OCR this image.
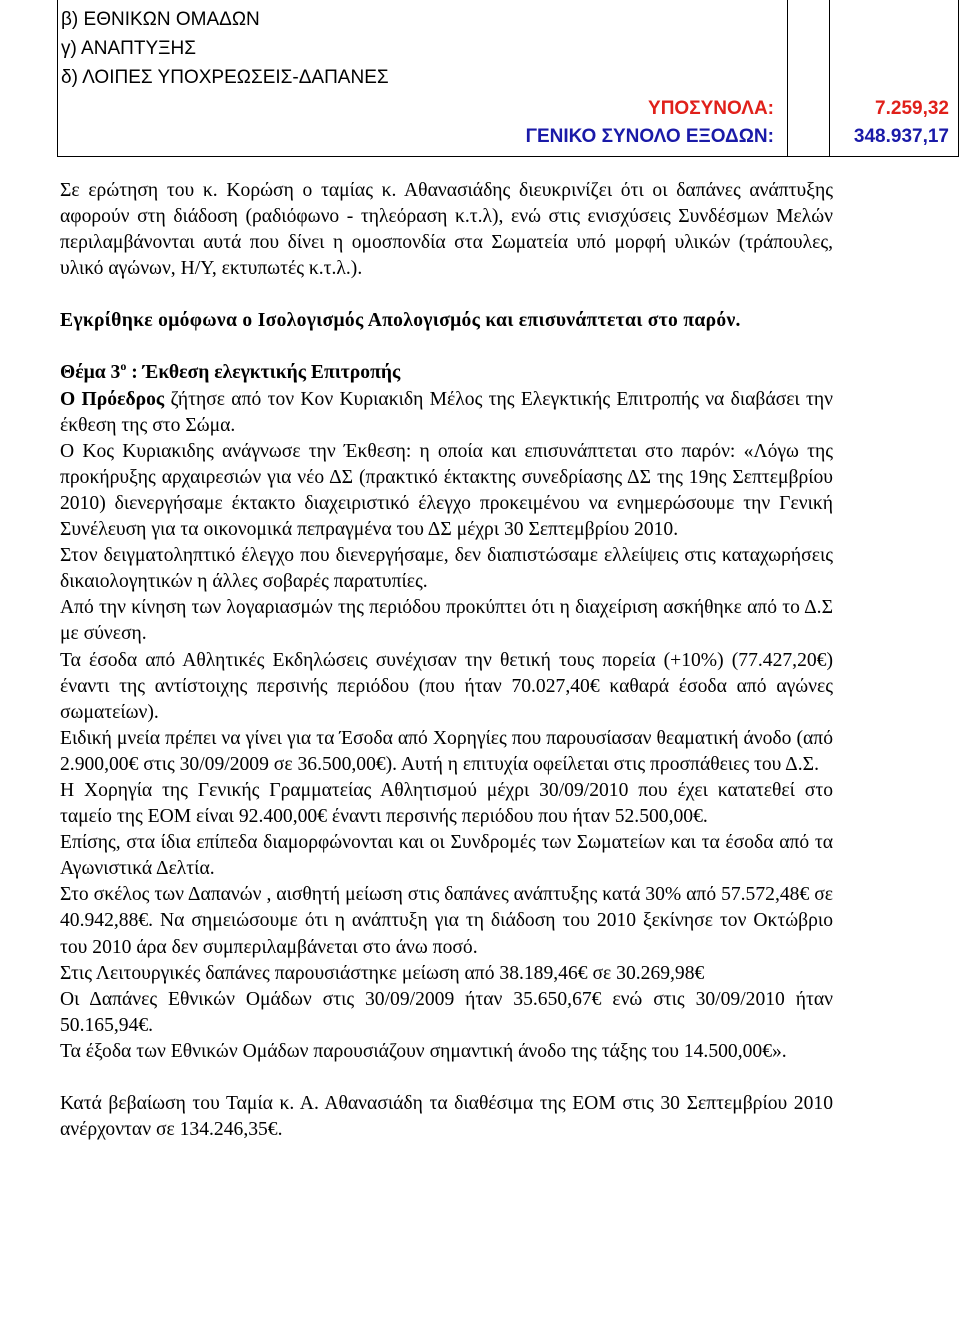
β) ΕΘΝΙΚΩΝ ΟΜΑΔΩΝ
γ) ΑΝΑΠΤΥΞΗΣ
δ) ΛΟΙΠΕΣ ΥΠΟΧΡΕΩΣΕΙΣ-ΔΑΠΑΝΕΣ
ΥΠΟΣΥΝΟΛΑ:	7.259,32
ΓΕΝΙΚΟ ΣΥΝΟΛΟ ΕΞΟΔΩΝ:	348.937,17

Σε ερώτηση του κ. Κορώση ο ταμίας κ. Αθανασιάδης διευκρινίζει ότι οι δαπάνες ανάπτυξης αφορούν στη διάδοση (ραδιόφωνο - τηλεόραση κ.τ.λ), ενώ στις ενισχύσεις Συνδέσμων Μελών περιλαμβάνονται αυτά που δίνει η ομοσπονδία στα Σωματεία υπό μορφή υλικών (τράπουλες, υλικό αγώνων, Η/Υ, εκτυπωτές κ.τ.λ.).

Εγκρίθηκε ομόφωνα ο Ισολογισμός Απολογισμός και επισυνάπτεται στο παρόν.

Θέμα $3^o$ : Έκθεση ελεγκτικής Επιτροπής

Ο Πρόεδρος ζήτησε από τον Κον Κυριακιδη Μέλος της Ελεγκτικής Επιτροπής να διαβάσει την έκθεση της στο Σώμα.

Ο Κος Κυριακιδης ανάγνωσε την Έκθεση: η οποία και επισυνάπτεται στο παρόν: «Λόγω της προκήρυξης αρχαιρεσιών για νέο ΔΣ (πρακτικό έκτακτης συνεδρίασης ΔΣ της 19ης Σεπτεμβρίου 2010) διενεργήσαμε έκτακτο διαχειριστικό έλεγχο προκειμένου να ενημερώσουμε την Γενική Συνέλευση για τα οικονομικά πεπραγμένα του ΔΣ μέχρι 30 Σεπτεμβρίου 2010.

Στον δειγματοληπτικό έλεγχο που διενεργήσαμε, δεν διαπιστώσαμε ελλείψεις στις καταχωρήσεις δικαιολογητικών η άλλες σοβαρές παρατυπίες.

Από την κίνηση των λογαριασμών της περιόδου προκύπτει ότι η διαχείριση ασκήθηκε από το Δ.Σ με σύνεση.

Τα έσοδα από Αθλητικές Εκδηλώσεις συνέχισαν την θετική τους πορεία (+10%) (77.427,20€) έναντι της αντίστοιχης περσινής περιόδου (που ήταν 70.027,40€ καθαρά έσοδα από αγώνες σωματείων).

Ειδική μνεία πρέπει να γίνει για τα Έσοδα από Χορηγίες που παρουσίασαν θεαματική άνοδο (από 2.900,00€ στις 30/09/2009 σε 36.500,00€). Αυτή η επιτυχία οφείλεται στις προσπάθειες του Δ.Σ.

Η Χορηγία της Γενικής Γραμματείας Αθλητισμού μέχρι 30/09/2010 που έχει κατατεθεί στο ταμείο της ΕΟΜ είναι 92.400,00€ έναντι περσινής περιόδου που ήταν 52.500,00€.

Επίσης, στα ίδια επίπεδα διαμορφώνονται και οι Συνδρομές των Σωματείων και τα έσοδα από τα Αγωνιστικά Δελτία.

Στο σκέλος των Δαπανών , αισθητή μείωση στις δαπάνες ανάπτυξης κατά 30% από 57.572,48€ σε 40.942,88€. Να σημειώσουμε ότι η ανάπτυξη για τη διάδοση του 2010 ξεκίνησε τον Οκτώβριο του 2010 άρα δεν συμπεριλαμβάνεται στο άνω ποσό.

Στις Λειτουργικές δαπάνες παρουσιάστηκε μείωση από 38.189,46€ σε 30.269,98€

Οι Δαπάνες Εθνικών Ομάδων στις 30/09/2009 ήταν 35.650,67€ ενώ στις 30/09/2010 ήταν 50.165,94€.

Τα έξοδα των Εθνικών Ομάδων παρουσιάζουν σημαντική άνοδο της τάξης του 14.500,00€».

Κατά βεβαίωση του Ταμία κ. Α. Αθανασιάδη τα διαθέσιμα της ΕΟΜ στις 30 Σεπτεμβρίου 2010 ανέρχονταν σε 134.246,35€.
